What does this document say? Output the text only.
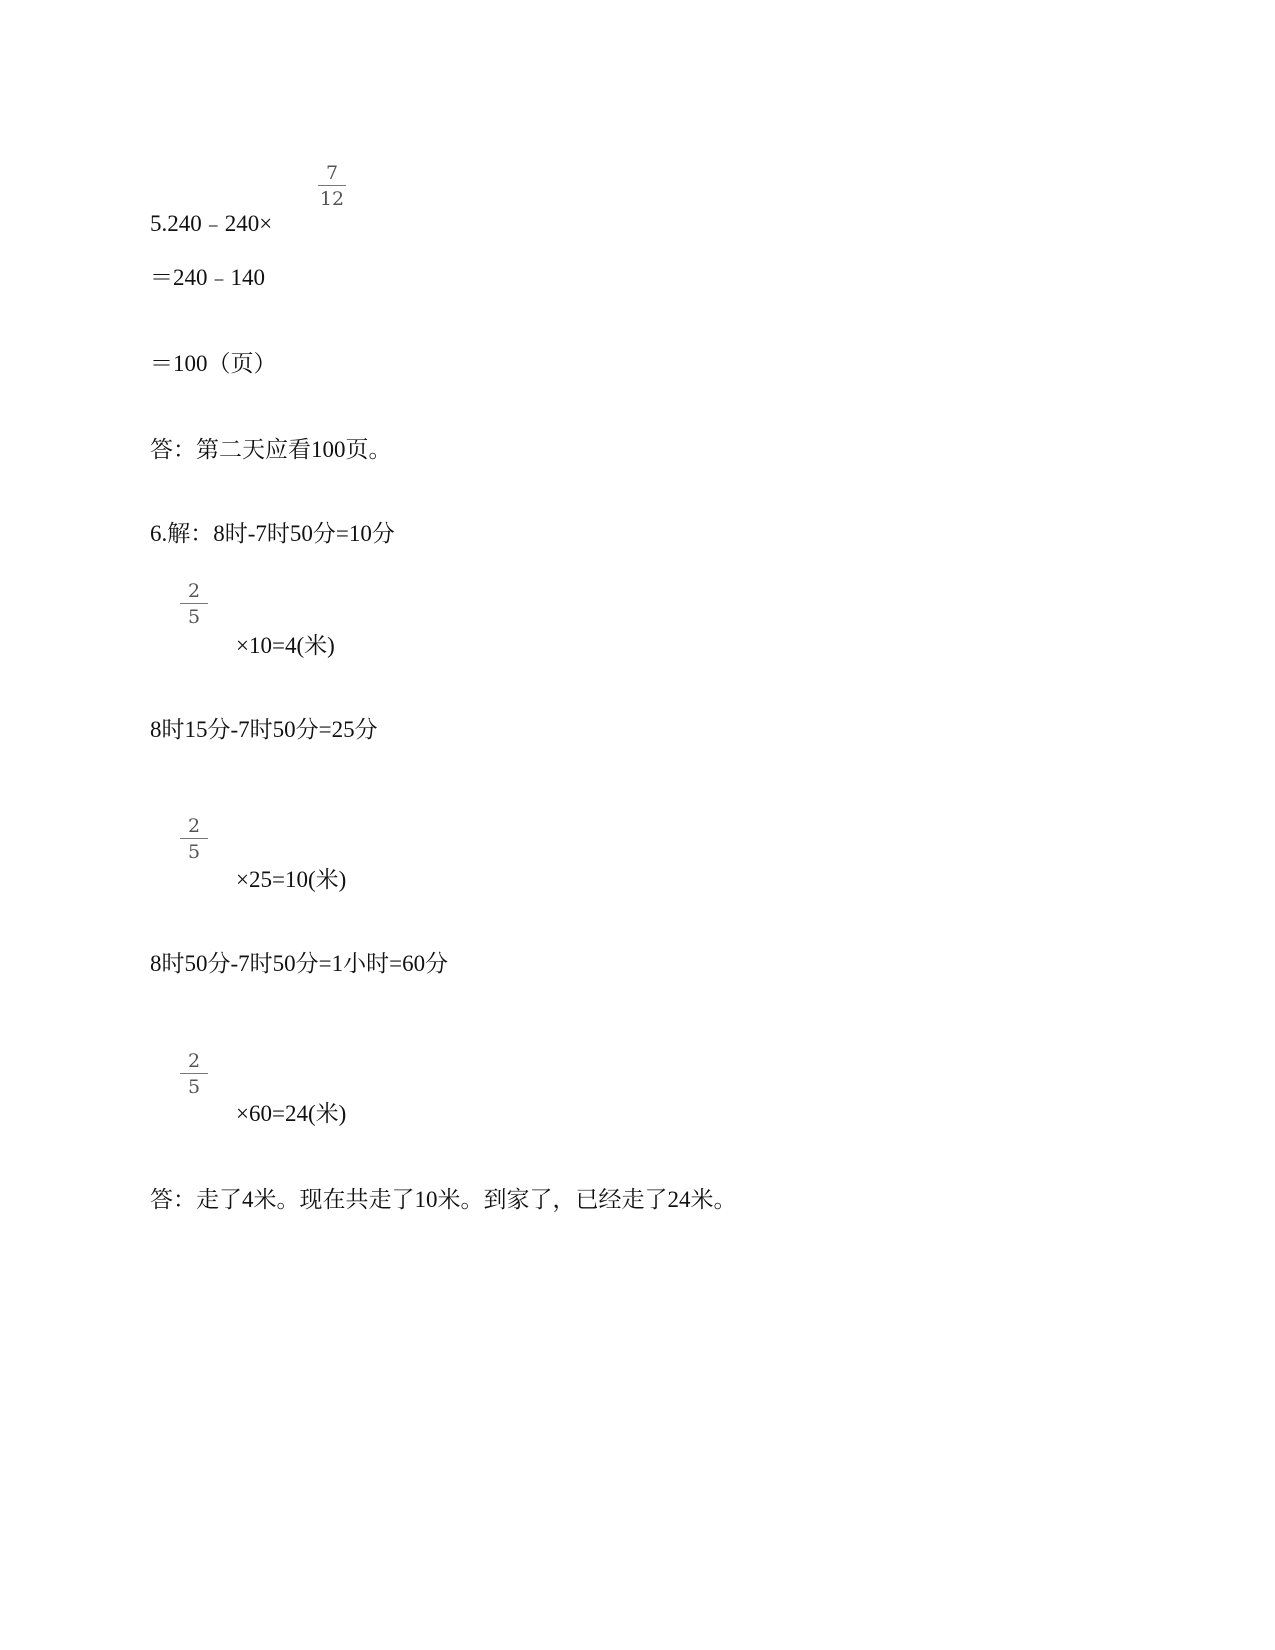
5.240﹣240×
7
12
＝240﹣140
＝100（页）
答：第二天应看100页。
6.解：8时-7时50分=10分
2
5
×10=4(米)
8时15分-7时50分=25分
2
5
×25=10(米)
8时50分-7时50分=1小时=60分
2
5
×60=24(米)
答：走了4米。现在共走了10米。到家了，已经走了24米。
